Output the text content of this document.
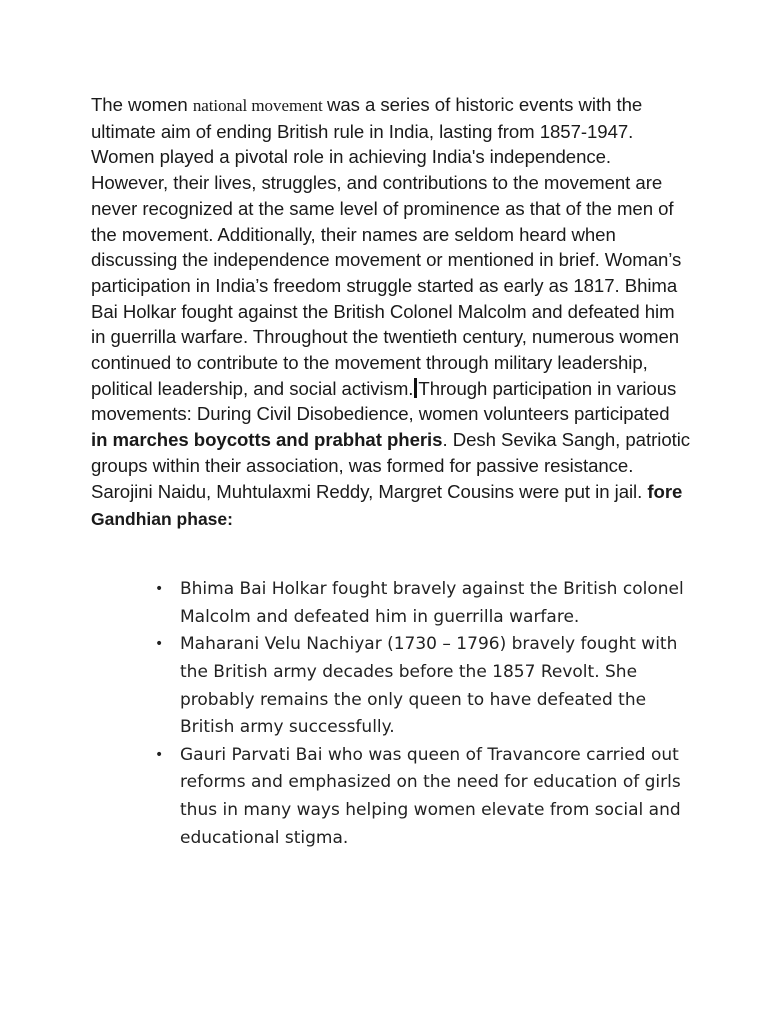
The women national movement was a series of historic events with the ultimate aim of ending British rule in India, lasting from 1857-1947. Women played a pivotal role in achieving India's independence. However, their lives, struggles, and contributions to the movement are never recognized at the same level of prominence as that of the men of the movement. Additionally, their names are seldom heard when discussing the independence movement or mentioned in brief. Woman’s participation in India’s freedom struggle started as early as 1817. Bhima Bai Holkar fought against the British Colonel Malcolm and defeated him in guerrilla warfare. Throughout the twentieth century, numerous women continued to contribute to the movement through military leadership, political leadership, and social activism. Through participation in various movements: During Civil Disobedience, women volunteers participated in marches boycotts and prabhat pheris. Desh Sevika Sangh, patriotic groups within their association, was formed for passive resistance. Sarojini Naidu, Muhtulaxmi Reddy, Margret Cousins were put in jail. fore

Gandhian phase:

• Bhima Bai Holkar fought bravely against the British colonel Malcolm and defeated him in guerrilla warfare.
• Maharani Velu Nachiyar (1730 – 1796) bravely fought with the British army decades before the 1857 Revolt. She probably remains the only queen to have defeated the British army successfully.
• Gauri Parvati Bai who was queen of Travancore carried out reforms and emphasized on the need for education of girls thus in many ways helping women elevate from social and educational stigma.
